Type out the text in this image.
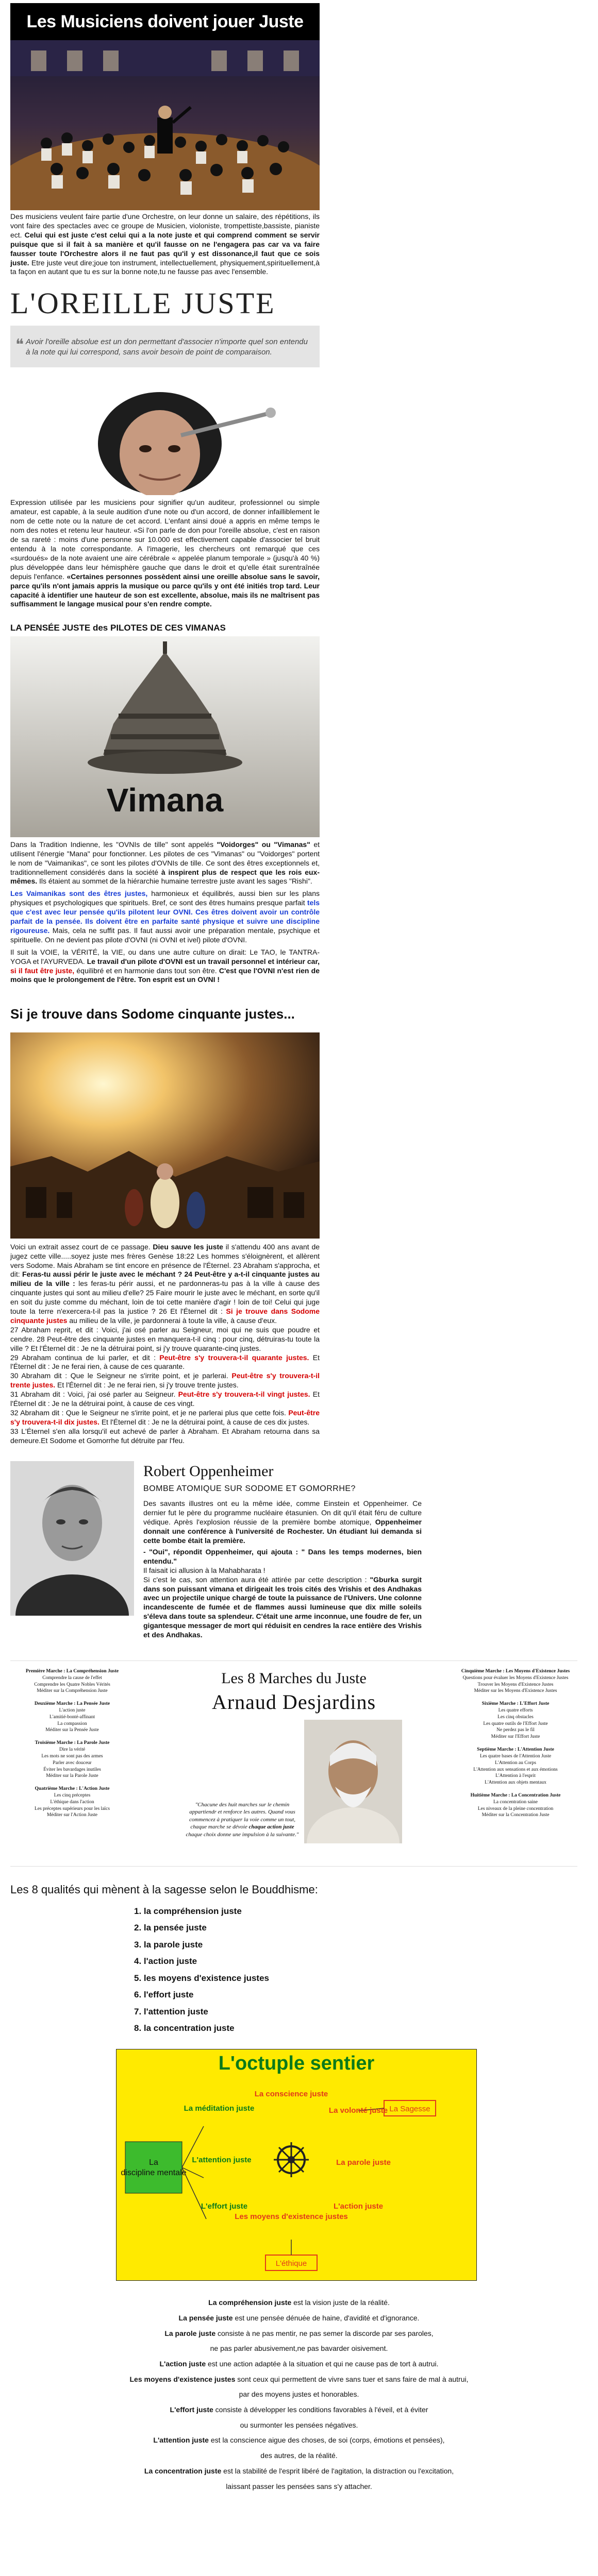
Les Musiciens doivent jouer Juste
Des musiciens veulent faire partie d'une Orchestre, on leur donne un salaire, des répétitions, ils vont faire des spectacles avec ce groupe de Musicien, violoniste, trompettiste,bassiste, pianiste ect. Celui qui est juste c'est celui qui a la note juste et qui comprend comment se servir puisque que si il fait à sa manière et qu'il fausse on ne l'engagera pas car va va faire fausser toute l'Orchestre alors il ne faut pas qu'il y est dissonance,il faut que ce sois juste. Etre juste veut dire;joue ton instrument, intellectuellement, physiquement,spirituellement,à ta façon en autant que tu es sur la bonne note,tu ne fausse pas avec l'ensemble.
L'OREILLE JUSTE
❝ Avoir l'oreille absolue est un don permettant d'associer n'importe quel son entendu à la note qui lui correspond, sans avoir besoin de point de comparaison.
Expression utilisée par les musiciens pour signifier qu'un auditeur, professionnel ou simple amateur, est capable, à la seule audition d'une note ou d'un accord, de donner infailliblement le nom de cette note ou la nature de cet accord. L'enfant ainsi doué a appris en même temps le nom des notes et retenu leur hauteur. «Si l'on parle de don pour l'oreille absolue, c'est en raison de sa rareté : moins d'une personne sur 10.000 est effectivement capable d'associer tel bruit entendu à la note correspondante. A l'imagerie, les chercheurs ont remarqué que ces «surdoués» de la note avaient une aire cérébrale « appelée planum temporale » (jusqu'à 40 %) plus développée dans leur hémisphère gauche que dans le droit et qu'elle était surentraînée depuis l'enfance. «Certaines personnes possèdent ainsi une oreille absolue sans le savoir, parce qu'ils n'ont jamais appris la musique ou parce qu'ils y ont été initiés trop tard. Leur capacité à identifier une hauteur de son est excellente, absolue, mais ils ne maîtrisent pas suffisamment le langage musical pour s'en rendre compte.
LA PENSÉE JUSTE des PILOTES DE CES VIMANAS
Vimana

Dans la Tradition Indienne, les "OVNIs de tille" sont appelés "Voidorges" ou "Vimanas" et utilisent l'énergie "Mana" pour fonctionner. Les pilotes de ces "Vimanas" ou "Voidorges" portent le nom de "Vaimanikas", ce sont les pilotes d'OVNIs de tille. Ce sont des êtres exceptionnels et, traditionnellement considérés dans la société à inspirent plus de respect que les rois eux-mêmes. Ils étaient au sommet de la hiérarchie humaine terrestre juste avant les sages "Rishi".

Les Vaimanikas sont des êtres justes, harmonieux et équilibrés, aussi bien sur les plans physiques et psychologiques que spirituels. Bref, ce sont des êtres humains presque parfait tels que c'est avec leur pensée qu'ils pilotent leur OVNI. Ces êtres doivent avoir un contrôle parfait de la pensée. Ils doivent être en parfaite santé physique et suivre une discipline rigoureuse. Mais, cela ne suffit pas. Il faut aussi avoir une préparation mentale, psychique et spirituelle. On ne devient pas pilote d'OVNI (ni OVNI et ivel) pilote d'OVNI.

Il suit la VOIE, la VÉRITÉ, la VIE, ou dans une autre culture on dirait: Le TAO, le TANTRA-YOGA et l'AYURVEDA. Le travail d'un pilote d'OVNI est un travail personnel et intérieur car, si il faut être juste, équilibré et en harmonie dans tout son être. C'est que l'OVNI n'est rien de moins que le prolongement de l'être. Ton esprit est un OVNI !

Si je trouve dans Sodome cinquante justes...

Voici un extrait assez court de ce passage. Dieu sauve les juste il s'attendu 400 ans avant de jugez cette ville.....soyez juste mes frères Genèse 18:22 Les hommes s'éloignèrent, et allèrent vers Sodome. Mais Abraham se tint encore en présence de l'Éternel. 23 Abraham s'approcha, et dit: Feras-tu aussi périr le juste avec le méchant ? 24 Peut-être y a-t-il cinquante justes au milieu de la ville : les feras-tu périr aussi, et ne pardonneras-tu pas à la ville à cause des cinquante justes qui sont au milieu d'elle? 25 Faire mourir le juste avec le méchant, en sorte qu'il en soit du juste comme du méchant, loin de toi cette manière d'agir ! loin de toi! Celui qui juge toute la terre n'exercera-t-il pas la justice ? 26 Et l'Éternel dit : Si je trouve dans Sodome cinquante justes au milieu de la ville, je pardonnerai à toute la ville, à cause d'eux.

27 Abraham reprit, et dit : Voici, j'ai osé parler au Seigneur, moi qui ne suis que poudre et cendre. 28 Peut-être des cinquante justes en manquera-t-il cinq : pour cinq, détruiras-tu toute la ville ? Et l'Éternel dit : Je ne la détruirai point, si j'y trouve quarante-cinq justes.

29 Abraham continua de lui parler, et dit : Peut-être s'y trouvera-t-il quarante justes. Et l'Éternel dit : Je ne ferai rien, à cause de ces quarante.

30 Abraham dit : Que le Seigneur ne s'irrite point, et je parlerai. Peut-être s'y trouvera-t-il trente justes. Et l'Éternel dit : Je ne ferai rien, si j'y trouve trente justes.

31 Abraham dit : Voici, j'ai osé parler au Seigneur. Peut-être s'y trouvera-t-il vingt justes. Et l'Éternel dit : Je ne la détruirai point, à cause de ces vingt.

32 Abraham dit : Que le Seigneur ne s'irrite point, et je ne parlerai plus que cette fois. Peut-être s'y trouvera-t-il dix justes. Et l'Éternel dit : Je ne la détruirai point, à cause de ces dix justes.

33 L'Éternel s'en alla lorsqu'il eut achevé de parler à Abraham. Et Abraham retourna dans sa demeure.Et Sodome et Gomorrhe fut détruite par l'feu.

Robert Oppenheimer
BOMBE ATOMIQUE SUR SODOME ET GOMORRHE?
Des savants illustres ont eu la même idée, comme Einstein et Oppenheimer. Ce dernier fut le père du programme nucléaire étasunien. On dit qu'il était féru de culture védique. Après l'explosion réussie de la première bombe atomique, Oppenheimer donnait une conférence à l'université de Rochester. Un étudiant lui demanda si cette bombe était la première.

- "Oui", répondit Oppenheimer, qui ajouta : " Dans les temps modernes, bien entendu."

Il faisait ici allusion à la Mahabharata !

Si c'est le cas, son attention aura été attirée par cette description : "Gburka surgit dans son puissant vimana et dirigeait les trois cités des Vrishis et des Andhakas avec un projectile unique chargé de toute la puissance de l'Univers. Une colonne incandescente de fumée et de flammes aussi lumineuse que dix mille soleils s'éleva dans toute sa splendeur. C'était une arme inconnue, une foudre de fer, un gigantesque messager de mort qui réduisit en cendres la race entière des Vrishis et des Andhakas.

Première Marche : La Compréhension Juste
Comprendre la cause de l'effet
Comprendre les Quatre Nobles Vérités
Méditer sur la Compréhension Juste
Deuxième Marche : La Pensée Juste
L'action juste
L'amitié-bonté-affinant
La compassion
Méditer sur la Pensée Juste
Troisième Marche : La Parole Juste
Dire la vérité
Les mots ne sont pas des armes
Parler avec douceur
Éviter les bavardages inutiles
Méditer sur la Parole Juste
Quatrième Marche : L'Action Juste
Les cinq préceptes
L'éthique dans l'action
Les préceptes supérieurs pour les laïcs
Méditer sur l'Action Juste
Les 8 Marches du Juste
Arnaud Desjardins
"Chacune des huit marches sur le chemin appartiendr et renforce les autres. Quand vous commencez à pratiquer la voie comme un tout, chaque marche se dévoie chaque action juste chaque choix donne une impulsion à la suivante."
Cinquième Marche : Les Moyens d'Existence Justes
Questions pour évaluer les Moyens d'Existence Justes
Trouver les Moyens d'Existence Justes
Méditer sur les Moyens d'Existence Justes
Sixième Marche : L'Effort Juste
Les quatre efforts
Les cinq obstacles
Les quatre outils de l'Effort Juste
Ne perdez pas le fil
Méditer sur l'Effort Juste
Septième Marche : L'Attention Juste
Les quatre bases de l'Attention Juste
L'Attention au Corps
L'Attention aux sensations et aux émotions
L'Attention à l'esprit
L'Attention aux objets mentaux
Huitième Marche : La Concentration Juste
La concentration saine
Les niveaux de la pleine concentration
Méditer sur la Concentration Juste
Les 8 qualités qui mènent à la sagesse selon le Bouddhisme:
1. la compréhension juste
2. la pensée juste
3. la parole juste
4. l'action juste
5. les moyens d'existence justes
6. l'effort juste
7. l'attention juste
8. la concentration juste
L'octuple sentier
La discipline mentale
La Sagesse
L'éthique
La méditation juste
La conscience juste
La volonté juste
L'attention juste	La parole juste
L'effort juste	L'action juste
Les moyens d'existence justes

La compréhension juste est la vision juste de la réalité.

La pensée juste est une pensée dénuée de haine, d'avidité et d'ignorance.

La parole juste consiste à ne pas mentir, ne pas semer la discorde par ses paroles,

ne pas parler abusivement,ne pas bavarder oisivement.

L'action juste est une action adaptée à la situation et qui ne cause pas de tort à autrui.

Les moyens d'existence justes sont ceux qui permettent de vivre sans tuer et sans faire de mal à autrui,

par des moyens justes et honorables.

L'effort juste consiste à développer les conditions favorables à l'éveil, et à éviter

ou surmonter les pensées négatives.

L'attention juste est la conscience aigue des choses, de soi (corps, émotions et pensées),

des autres, de la réalité.

La concentration juste est la stabilité de l'esprit libéré de l'agitation, la distraction ou l'excitation,

laissant passer les pensées sans s'y attacher.
